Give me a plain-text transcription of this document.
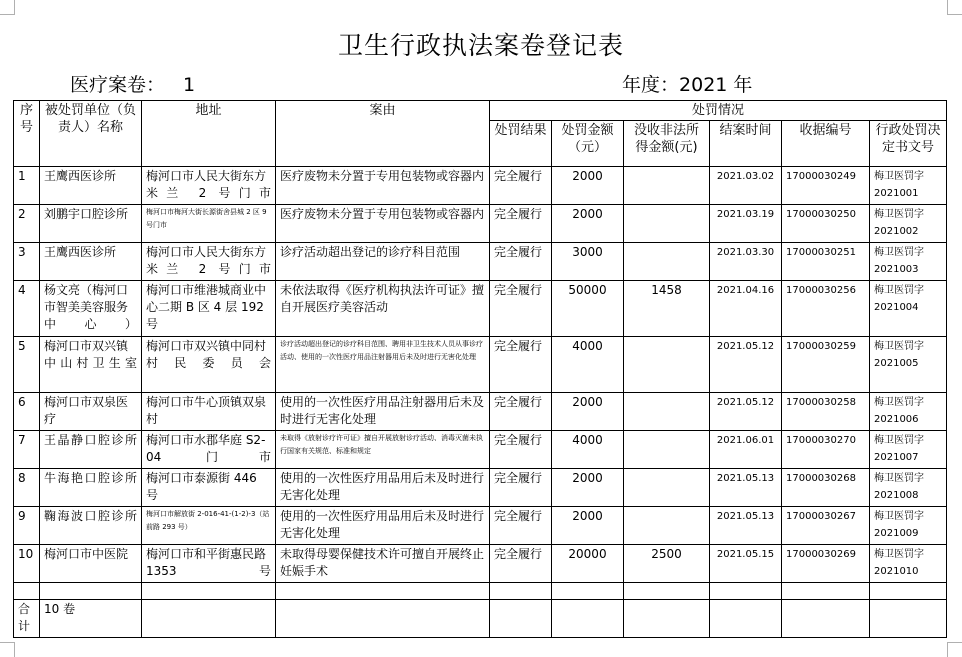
卫生行政执法案卷登记表
医疗案卷： 1	年度：2021 年
序号	被处罚单位（负责人）名称	地址	案由	处罚情况					
				处罚结果	处罚金额（元）	没收非法所得金额(元)	结案时间	收据编号	行政处罚决定书文号
1	王鹰西医诊所	梅河口市人民大街东方米兰 2 号门市	医疗废物未分置于专用包装物或容器内	完全履行	2000		2021.03.02	17000030249	梅卫医罚字 2021001
2	刘鹏宇口腔诊所	梅河口市梅河大街长源街舍县城 2 区 9 号门市	医疗废物未分置于专用包装物或容器内	完全履行	2000		2021.03.19	17000030250	梅卫医罚字 2021002
3	王鹰西医诊所	梅河口市人民大街东方米兰 2 号门市	诊疗活动超出登记的诊疗科目范围	完全履行	3000		2021.03.30	17000030251	梅卫医罚字 2021003
4	杨文亮（梅河口市智美美容服务中心）	梅河口市维港城商业中心二期 B 区 4 层 192 号	未依法取得《医疗机构执法许可证》擅自开展医疗美容活动	完全履行	50000	1458	2021.04.16	17000030256	梅卫医罚字 2021004
5	梅河口市双兴镇中山村卫生室	梅河口市双兴镇中同村村民委员会	诊疗活动超出登记的诊疗科目范围、聘用非卫生技术人员从事诊疗活动、使用的一次性医疗用品注射器用后未及时进行无害化处理	完全履行	4000		2021.05.12	17000030259	梅卫医罚字 2021005
6	梅河口市双泉医疗	梅河口市牛心顶镇双泉村	使用的一次性医疗用品注射器用后未及时进行无害化处理	完全履行	2000		2021.05.12	17000030258	梅卫医罚字 2021006
7	王晶静口腔诊所	梅河口市水郡华庭 S2-04 门市	未取得《放射诊疗许可证》擅自开展放射诊疗活动、消毒灭菌未执行国家有关规范、标准和规定	完全履行	4000		2021.06.01	17000030270	梅卫医罚字 2021007
8	牛海艳口腔诊所	梅河口市泰源街 446 号	使用的一次性医疗用品用后未及时进行无害化处理	完全履行	2000		2021.05.13	17000030268	梅卫医罚字 2021008
9	鞠海波口腔诊所	梅河口市解放街 2-016-41-(1-2)-3（站前路 293 号）	使用的一次性医疗用品用后未及时进行无害化处理	完全履行	2000		2021.05.13	17000030267	梅卫医罚字 2021009
10	梅河口市中医院	梅河口市和平街惠民路 1353 号	未取得母婴保健技术许可擅自开展终止妊娠手术	完全履行	20000	2500	2021.05.15	17000030269	梅卫医罚字 2021010

合计	10 卷								
